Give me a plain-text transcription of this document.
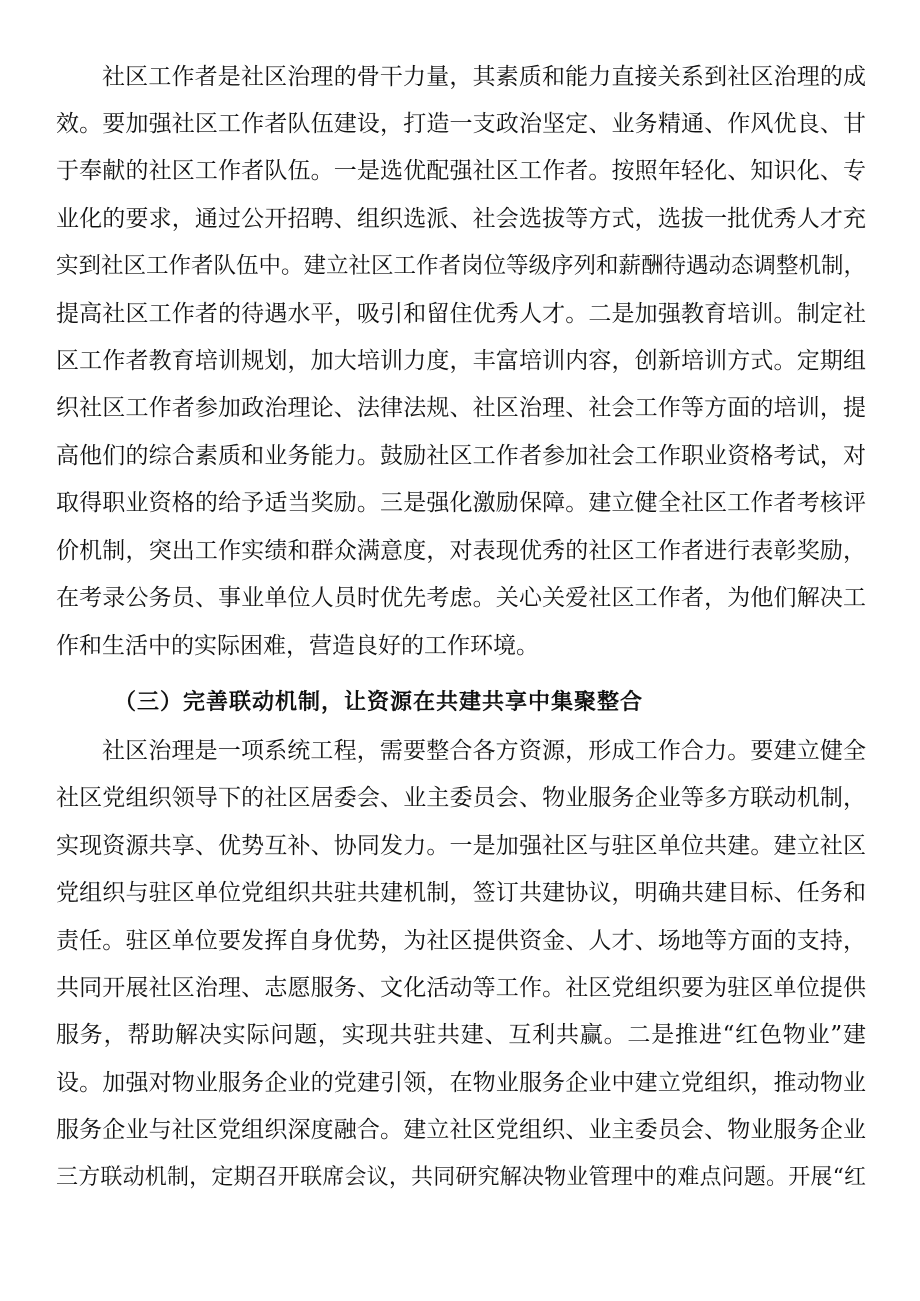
社区工作者是社区治理的骨干力量，其素质和能力直接关系到社区治理的成
效。要加强社区工作者队伍建设，打造一支政治坚定、业务精通、作风优良、甘
于奉献的社区工作者队伍。一是选优配强社区工作者。按照年轻化、知识化、专
业化的要求，通过公开招聘、组织选派、社会选拔等方式，选拔一批优秀人才充
实到社区工作者队伍中。建立社区工作者岗位等级序列和薪酬待遇动态调整机制，
提高社区工作者的待遇水平，吸引和留住优秀人才。二是加强教育培训。制定社
区工作者教育培训规划，加大培训力度，丰富培训内容，创新培训方式。定期组
织社区工作者参加政治理论、法律法规、社区治理、社会工作等方面的培训，提
高他们的综合素质和业务能力。鼓励社区工作者参加社会工作职业资格考试，对
取得职业资格的给予适当奖励。三是强化激励保障。建立健全社区工作者考核评
价机制，突出工作实绩和群众满意度，对表现优秀的社区工作者进行表彰奖励，
在考录公务员、事业单位人员时优先考虑。关心关爱社区工作者，为他们解决工
作和生活中的实际困难，营造良好的工作环境。
（三）完善联动机制，让资源在共建共享中集聚整合
社区治理是一项系统工程，需要整合各方资源，形成工作合力。要建立健全
社区党组织领导下的社区居委会、业主委员会、物业服务企业等多方联动机制，
实现资源共享、优势互补、协同发力。一是加强社区与驻区单位共建。建立社区
党组织与驻区单位党组织共驻共建机制，签订共建协议，明确共建目标、任务和
责任。驻区单位要发挥自身优势，为社区提供资金、人才、场地等方面的支持，
共同开展社区治理、志愿服务、文化活动等工作。社区党组织要为驻区单位提供
服务，帮助解决实际问题，实现共驻共建、互利共赢。二是推进“红色物业”建
设。加强对物业服务企业的党建引领，在物业服务企业中建立党组织，推动物业
服务企业与社区党组织深度融合。建立社区党组织、业主委员会、物业服务企业
三方联动机制，定期召开联席会议，共同研究解决物业管理中的难点问题。开展“红
